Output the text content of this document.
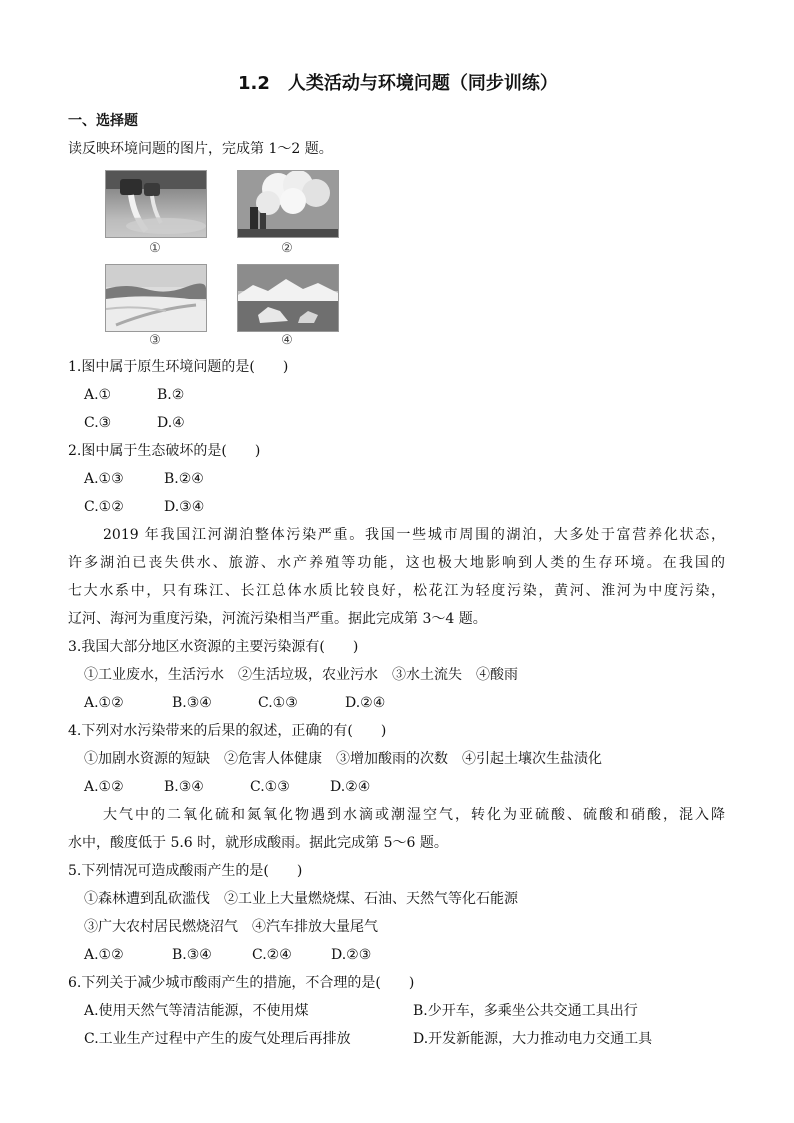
1.2　人类活动与环境问题（同步训练）
一、选择题
读反映环境问题的图片，完成第 1～2 题。
①	②
③	④
1.图中属于原生环境问题的是(　　)
A.①	B.②
C.③	D.④
2.图中属于生态破坏的是(　　)
A.①③	B.②④
C.①②	D.③④
2019 年我国江河湖泊整体污染严重。我国一些城市周围的湖泊，大多处于富营养化状态，
许多湖泊已丧失供水、旅游、水产养殖等功能，这也极大地影响到人类的生存环境。在我国的
七大水系中，只有珠江、长江总体水质比较良好，松花江为轻度污染，黄河、淮河为中度污染，
辽河、海河为重度污染，河流污染相当严重。据此完成第 3～4 题。
3.我国大部分地区水资源的主要污染源有(　　)
①工业废水，生活污水　②生活垃圾，农业污水　③水土流失　④酸雨
A.①②	B.③④	C.①③	D.②④
4.下列对水污染带来的后果的叙述，正确的有(　　)
①加剧水资源的短缺　②危害人体健康　③增加酸雨的次数　④引起土壤次生盐渍化
A.①②	B.③④	C.①③	D.②④
大气中的二氧化硫和氮氧化物遇到水滴或潮湿空气，转化为亚硫酸、硫酸和硝酸，混入降
水中，酸度低于 5.6 时，就形成酸雨。据此完成第 5～6 题。
5.下列情况可造成酸雨产生的是(　　)
①森林遭到乱砍滥伐　②工业上大量燃烧煤、石油、天然气等化石能源
③广大农村居民燃烧沼气　④汽车排放大量尾气
A.①②	B.③④	C.②④	D.②③
6.下列关于减少城市酸雨产生的措施，不合理的是(　　)
A.使用天然气等清洁能源，不使用煤	B.少开车，多乘坐公共交通工具出行
C.工业生产过程中产生的废气处理后再排放	D.开发新能源，大力推动电力交通工具
